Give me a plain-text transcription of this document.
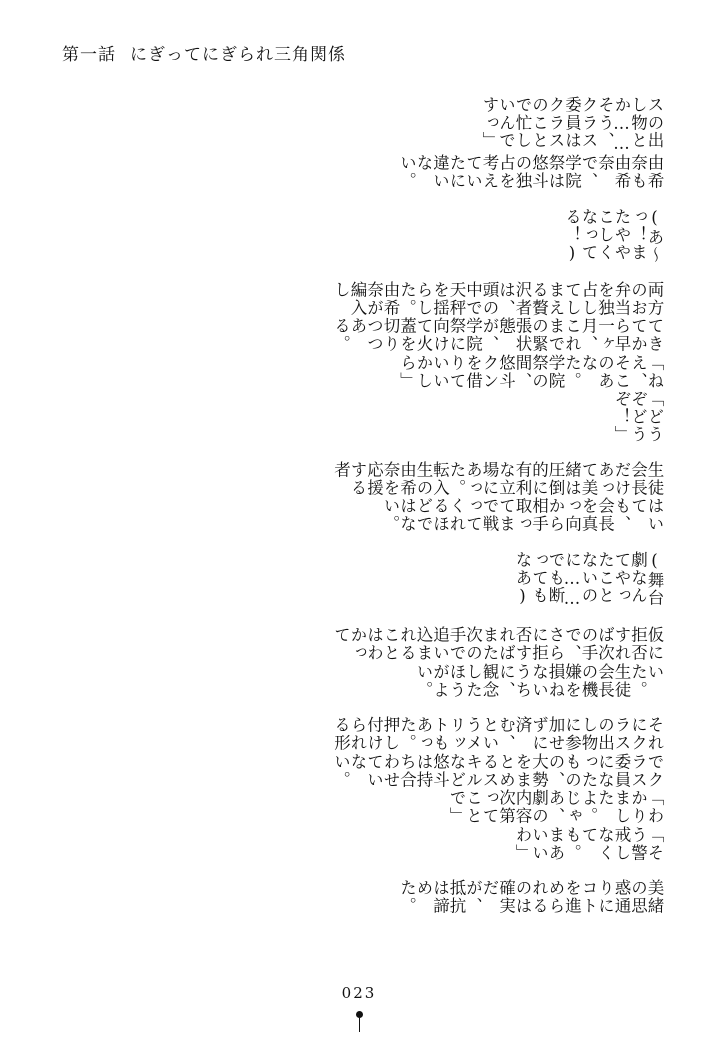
第一話 にぎってにぎられ三角関係
スの出し物とか……そう、クラス委員はクラスのことで忙しいんですっ」
由希奈も由希奈で、学院祭は悠斗の独占を考えていたに違いない。
(あ〜っ！またややこしくなってる！)
両方のお弁当を独占してしまえる贅沢者は、頭の中で天秤を揺らした。由希奈が編入し
てきてから早一ヶ月、これまでの緊張状態が、学院祭に向けて火蓋を切りつつある。
「ねえ、そこのあなた。学院祭の間、悠斗クンを借りていいかしら」
「どうぞどうぞ！」
生徒会長だけあって美緒は圧倒的に有利な立場にあった。転入生の由希奈を応援する者
はいても、会長を真っ向から相手取ってまで戦ってくれるほどではない。
(舞台劇なんてやったことないのに……でも断ってもなあ)
仮に拒否すれば次の手で、さらに拒否すればまた次の手で追い込まれることはわかって
いた。生徒会長の機嫌を損ねないうちに、観念したほうがよい。
それにクラスの出し物に参加せずに済む、というメリットもあった。押し付けられる形
でクラス委員になったものの、大勢をまとめるスキルなど悠斗は持ち合わせていない。
「わかりましたよ。じゃあ、劇の内容次第ってことで」
「そう警戒しなくても。まあいいわ」
美緒の思惑通りにコトを進められるのは確実だが、抵抗は諦めた。
023
